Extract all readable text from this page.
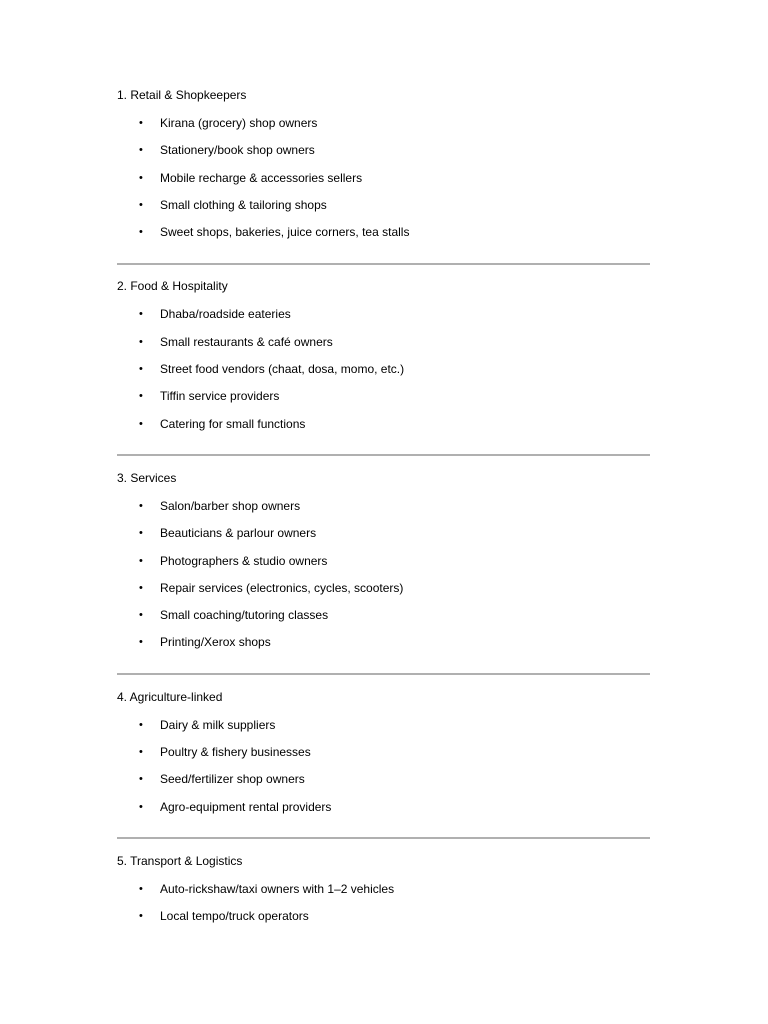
1. Retail & Shopkeepers

• Kirana (grocery) shop owners
• Stationery/book shop owners
• Mobile recharge & accessories sellers
• Small clothing & tailoring shops
• Sweet shops, bakeries, juice corners, tea stalls

2. Food & Hospitality

• Dhaba/roadside eateries
• Small restaurants & café owners
• Street food vendors (chaat, dosa, momo, etc.)
• Tiffin service providers
• Catering for small functions

3. Services

• Salon/barber shop owners
• Beauticians & parlour owners
• Photographers & studio owners
• Repair services (electronics, cycles, scooters)
• Small coaching/tutoring classes
• Printing/Xerox shops

4. Agriculture-linked

• Dairy & milk suppliers
• Poultry & fishery businesses
• Seed/fertilizer shop owners
• Agro-equipment rental providers

5. Transport & Logistics

• Auto-rickshaw/taxi owners with 1–2 vehicles
• Local tempo/truck operators
